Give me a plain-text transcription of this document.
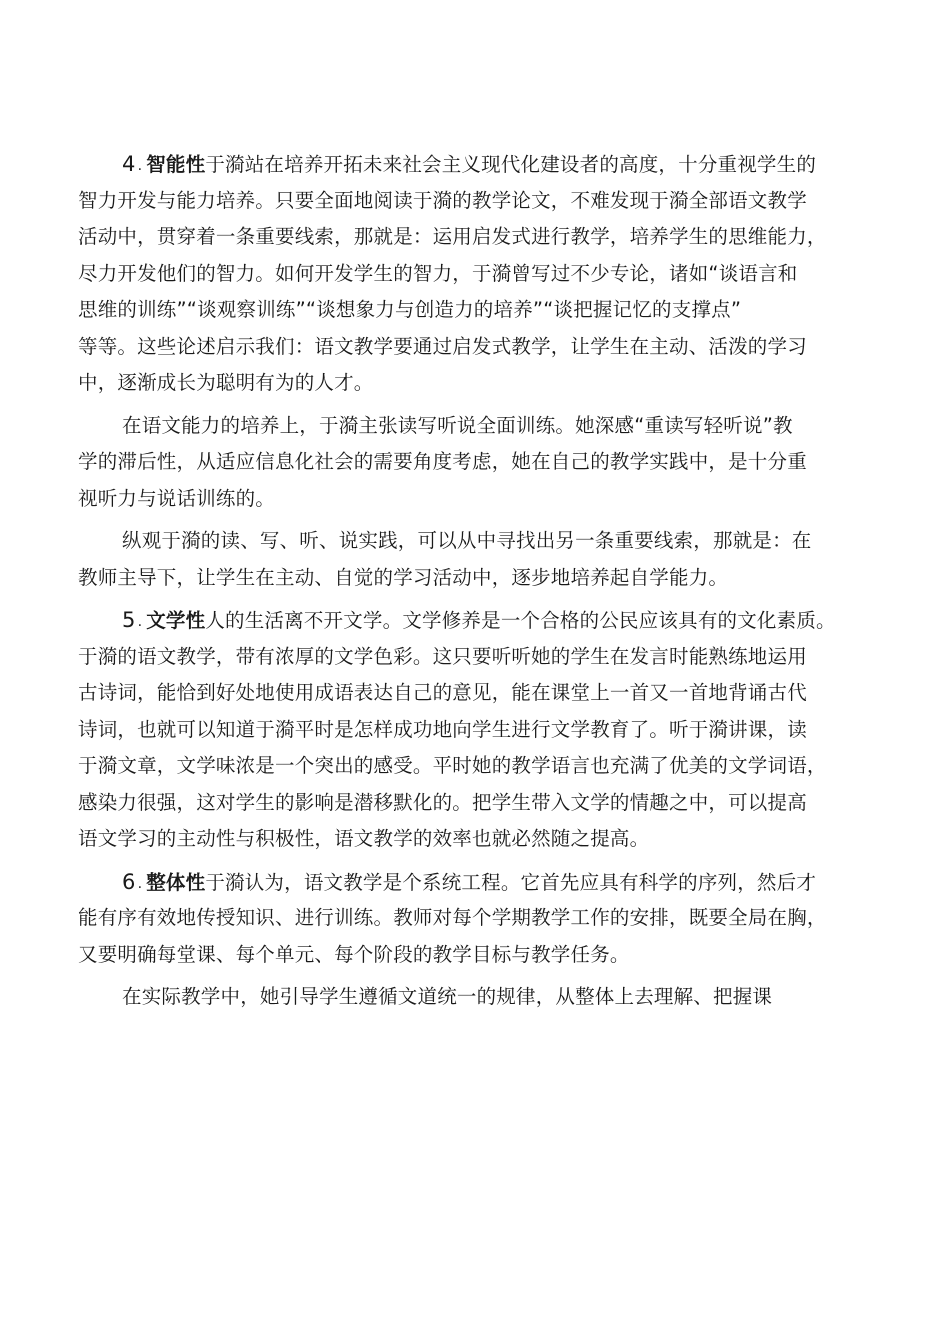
4 . 智能性于漪站在培养开拓未来社会主义现代化建设者的高度，十分重视学生的
智力开发与能力培养。只要全面地阅读于漪的教学论文，不难发现于漪全部语文教学
活动中，贯穿着一条重要线索，那就是：运用启发式进行教学，培养学生的思维能力，
尽力开发他们的智力。如何开发学生的智力，于漪曾写过不少专论，诸如“谈语言和
思维的训练”“谈观察训练”“谈想象力与创造力的培养”“谈把握记忆的支撑点”
等等。这些论述启示我们：语文教学要通过启发式教学，让学生在主动、活泼的学习
中，逐渐成长为聪明有为的人才。
在语文能力的培养上，于漪主张读写听说全面训练。她深感“重读写轻听说”教
学的滞后性，从适应信息化社会的需要角度考虑，她在自己的教学实践中，是十分重
视听力与说话训练的。
纵观于漪的读、写、听、说实践，可以从中寻找出另一条重要线索，那就是：在
教师主导下，让学生在主动、自觉的学习活动中，逐步地培养起自学能力。
5 . 文学性人的生活离不开文学。文学修养是一个合格的公民应该具有的文化素质。
于漪的语文教学，带有浓厚的文学色彩。这只要听听她的学生在发言时能熟练地运用
古诗词，能恰到好处地使用成语表达自己的意见，能在课堂上一首又一首地背诵古代
诗词，也就可以知道于漪平时是怎样成功地向学生进行文学教育了。听于漪讲课，读
于漪文章，文学味浓是一个突出的感受。平时她的教学语言也充满了优美的文学词语，
感染力很强，这对学生的影响是潜移默化的。把学生带入文学的情趣之中，可以提高
语文学习的主动性与积极性，语文教学的效率也就必然随之提高。
6 . 整体性于漪认为，语文教学是个系统工程。它首先应具有科学的序列，然后才
能有序有效地传授知识、进行训练。教师对每个学期教学工作的安排，既要全局在胸，
又要明确每堂课、每个单元、每个阶段的教学目标与教学任务。
在实际教学中，她引导学生遵循文道统一的规律，从整体上去理解、把握课
